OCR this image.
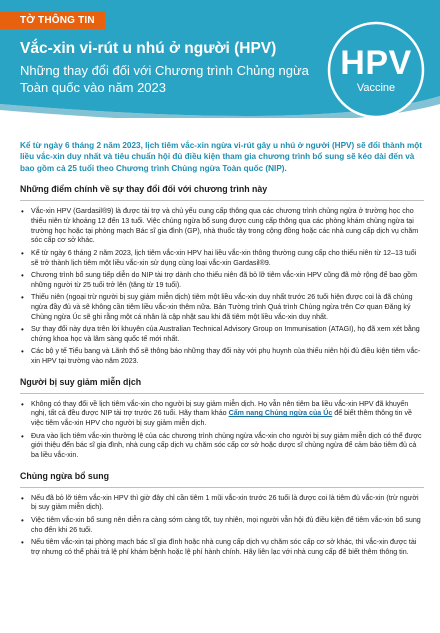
TỜ THÔNG TIN
Vắc-xin vi-rút u nhú ở người (HPV)
Những thay đổi đối với Chương trình Chủng ngừa Toàn quốc vào năm 2023
HPV
Vaccine

Kể từ ngày 6 tháng 2 năm 2023, lịch tiêm vắc-xin ngừa vi-rút gây u nhú ở người (HPV) sẽ đổi thành một liều vắc-xin duy nhất và tiêu chuẩn hội đủ điều kiện tham gia chương trình bổ sung sẽ kéo dài đến và bao gồm cả 25 tuổi theo Chương trình Chủng ngừa Toàn quốc (NIP).

Những điểm chính về sự thay đổi đối với chương trình này
• Vắc-xin HPV (Gardasil®9) là được tài trợ và chủ yếu cung cấp thông qua các chương trình chủng ngừa ở trường học cho thiếu niên từ khoảng 12 đến 13 tuổi. Việc chủng ngừa bổ sung được cung cấp thông qua các phòng khám chủng ngừa tại trường học hoặc tại phòng mạch Bác sĩ gia đình (GP), nhà thuốc tây trong cộng đồng hoặc các nhà cung cấp dịch vụ chăm sóc cấp cơ sở khác.
• Kể từ ngày 6 tháng 2 năm 2023, lịch tiêm vắc-xin HPV hai liều vắc-xin thông thường cung cấp cho thiếu niên từ 12–13 tuổi sẽ trở thành lịch tiêm một liều vắc-xin sử dụng cùng loại vắc-xin Gardasil®9.
• Chương trình bổ sung tiếp diễn do NIP tài trợ dành cho thiếu niên đã bỏ lỡ tiêm vắc-xin HPV cũng đã mở rộng để bao gồm những người từ 25 tuổi trở lên (tăng từ 19 tuổi).
• Thiếu niên (ngoại trừ người bị suy giảm miễn dịch) tiêm một liều vắc-xin duy nhất trước 26 tuổi hiện được coi là đã chủng ngừa đầy đủ và sẽ không cần tiêm liều vắc-xin thêm nữa. Bản Tường trình Quá trình Chủng ngừa trên Cơ quan Đăng ký Chủng ngừa Úc sẽ ghi rằng một cá nhân là cập nhật sau khi đã tiêm một liều vắc-xin duy nhất.
• Sự thay đổi này dựa trên lời khuyên của Australian Technical Advisory Group on Immunisation (ATAGI), họ đã xem xét bằng chứng khoa học và lâm sàng quốc tế mới nhất.
• Các bộ y tế Tiểu bang và Lãnh thổ sẽ thông báo những thay đổi này với phụ huynh của thiếu niên hội đủ điều kiện tiêm vắc-xin HPV tại trường vào năm 2023.
Người bị suy giảm miễn dịch
• Không có thay đổi về lịch tiêm vắc-xin cho người bị suy giảm miễn dịch. Họ vẫn nên tiêm ba liều vắc-xin HPV đã khuyến nghị, tất cả đều được NIP tài trợ trước 26 tuổi. Hãy tham khảo Cẩm nang Chủng ngừa của Úc để biết thêm thông tin về việc tiêm vắc-xin HPV cho người bị suy giảm miễn dịch.
• Đưa vào lịch tiêm vắc-xin thường lệ của các chương trình chủng ngừa vắc-xin cho người bị suy giảm miễn dịch có thể được giới thiệu đến bác sĩ gia đình, nhà cung cấp dịch vụ chăm sóc cấp cơ sở hoặc dược sĩ chủng ngừa để cảm bảo tiêm đủ cả ba liều vắc-xin.
Chủng ngừa bổ sung
• Nếu đã bỏ lỡ tiêm vắc-xin HPV thì giờ đây chỉ cần tiêm 1 mũi vắc-xin trước 26 tuổi là được coi là tiêm đủ vắc-xin (trừ người bị suy giảm miễn dịch).
• Việc tiêm vắc-xin bổ sung nên diễn ra càng sớm càng tốt, tuy nhiên, mọi người vẫn hội đủ điều kiện để tiêm vắc-xin bổ sung cho đến khi 26 tuổi.
• Nếu tiêm vắc-xin tại phòng mạch bác sĩ gia đình hoặc nhà cung cấp dịch vụ chăm sóc cấp cơ sở khác, thì vắc-xin được tài trợ nhưng có thể phải trả lệ phí khám bệnh hoặc lệ phí hành chính. Hãy liên lạc với nhà cung cấp để biết thêm thông tin.
